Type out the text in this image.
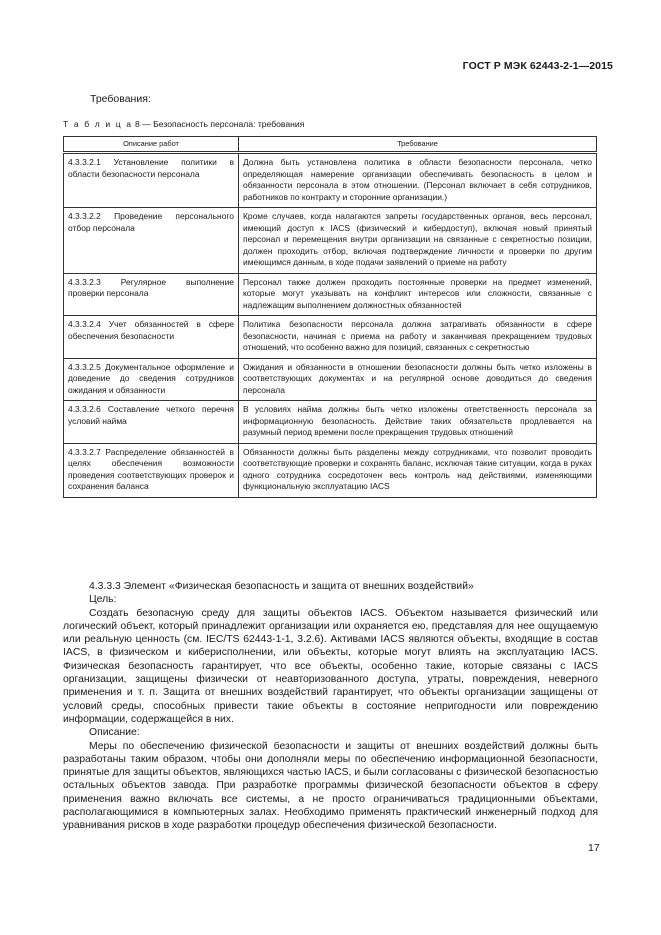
ГОСТ Р МЭК 62443-2-1—2015
Требования:
Т а б л и ц а 8 — Безопасность персонала: требования
Описание работ	Требование
4.3.3.2.1 Установление политики в области безопасности персонала	Должна быть установлена политика в области безопасности персонала, четко определяющая намерение организации обеспечивать безопасность в целом и обязанности персонала в этом отношении. (Персонал включает в себя сотрудников, работников по контракту и сторонние организации.)
4.3.3.2.2 Проведение персонального отбор персонала	Кроме случаев, когда налагаются запреты государственных органов, весь персонал, имеющий доступ к IACS (физический и кибердоступ), включая новый принятый персонал и перемещения внутри организации на связанные с секретностью позиции, должен проходить отбор, включая подтверждение личности и проверки по другим имеющимся данным, в ходе подачи заявлений о приеме на работу
4.3.3.2.3 Регулярное выполнение проверки персонала	Персонал также должен проходить постоянные проверки на предмет изменений, которые могут указывать на конфликт интересов или сложности, связанные с надлежащим выполнением должностных обязанностей
4.3.3.2.4 Учет обязанностей в сфере обеспечения безопасности	Политика безопасности персонала должна затрагивать обязанности в сфере безопасности, начиная с приема на работу и заканчивая прекращением трудовых отношений, что особенно важно для позиций, связанных с секретностью
4.3.3.2.5 Документальное оформление и доведение до сведения сотрудников ожидания и обязанности	Ожидания и обязанности в отношении безопасности должны быть четко изложены в соответствующих документах и на регулярной основе доводиться до сведения персонала
4.3.3.2.6 Составление четкого перечня условий найма	В условиях найма должны быть четко изложены ответственность персонала за информационную безопасность. Действие таких обязательств продлевается на разумный период времени после прекращения трудовых отношений
4.3.3.2.7 Распределение обязанностей в целях обеспечения возможности проведения соответствующих проверок и сохранения баланса	Обязанности должны быть разделены между сотрудниками, что позволит проводить соответствующие проверки и сохранять баланс, исключая такие ситуации, когда в руках одного сотрудника сосредоточен весь контроль над действиями, изменяющими функциональную эксплуатацию IACS

4.3.3.3 Элемент «Физическая безопасность и защита от внешних воздействий»

Цель:

Создать безопасную среду для защиты объектов IACS. Объектом называется физический или логический объект, который принадлежит организации или охраняется ею, представляя для нее ощущаемую или реальную ценность (см. IEC/TS 62443-1-1, 3.2.6). Активами IACS являются объекты, входящие в состав IACS, в физическом и киберисполнении, или объекты, которые могут влиять на эксплуатацию IACS. Физическая безопасность гарантирует, что все объекты, особенно такие, которые связаны с IACS организации, защищены физически от неавторизованного доступа, утраты, повреждения, неверного применения и т. п. Защита от внешних воздействий гарантирует, что объекты организации защищены от условий среды, способных привести такие объекты в состояние непригодности или повреждению информации, содержащейся в них.

Описание:

Меры по обеспечению физической безопасности и защиты от внешних воздействий должны быть разработаны таким образом, чтобы они дополняли меры по обеспечению информационной безопасности, принятые для защиты объектов, являющихся частью IACS, и были согласованы с физической безопасностью остальных объектов завода. При разработке программы физической безопасности объектов в сферу применения важно включать все системы, а не просто ограничиваться традиционными объектами, располагающимися в компьютерных залах. Необходимо применять практический инженерный подход для уравнивания рисков в ходе разработки процедур обеспечения физической безопасности.

17
